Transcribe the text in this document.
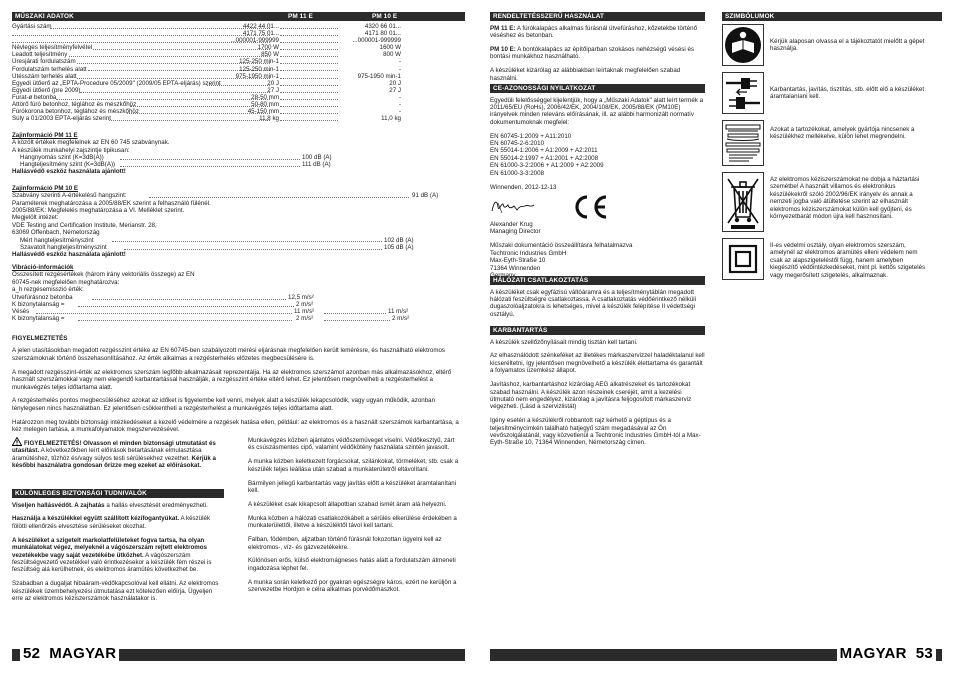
MŰSZAKI ADATOK	PM 11 E	PM 10 E
Gyártási szám	4422 44 01...	4320 66 01...
4171 75 01...	4171 80 01...
...000001-999999	...000001-999999
Névleges teljesítményfelvétel	1700 W	1600 W
Leadott teljesítmény	850 W	800 W
Üresjárati fordulatszám	125-250 min-1	-
Fordulatszám terhelés alatt	125-250 min-1	-
Ütésszám terhelés alatt	975-1950 min-1	975-1950 min-1
Egyedi ütőerő az „EPTA-Procedure 05/2009" (2009/05 EPTA-eljárás) szerint	20 J	20 J
Egyedi ütőerő (pre 2009)	27 J	27 J
Furat-ø betonba	28-50 mm	-
Áttörő fúró betonhoz, téglához és mészkőhöz	50-80 mm	-
Fúrókorona betonhoz, téglához és mészkőhöz	45-150 mm	-
Súly a 01/2003 EPTA-eljárás szerint	11,8 kg	11,0 kg
Zajinformáció PM 11 E
A közölt értékek megfelelnek az EN 60 745 szabványnak.
A készülék munkahelyi zajszintje tipikusan:
Hangnyomás szint (K=3dB(A))	100 dB (A)
Hangteljesítmény szint (K=3dB(A))	111 dB (A)
Hallásvédő eszköz használata ajánlott!
Zajinformáció PM 10 E
Szabvány szerinti A-értékelésű hangszint:	91 dB (A)
Paraméterek meghatározása a 2005/88/EK szerint a felhasználó fülénél.
2005/88/EK: Megfelelés meghatározása a VI. Melléklet szerint.
Megjelölt intézet:
VDE Testing and Certification Institute, Merianstr. 28,
63069 Offenbach, Németország
Mért hangteljesítményszint	102 dB (A)
Szavatolt hangteljesítményszint	105 dB (A)
Hallásvédő eszköz használata ajánlott!
Vibráció-információk
Összesített rezgésértékek (három irány vektoriális összege) az EN
60745-nek megfelelően meghatározva:
a_h rezgésemisszió érték:
Ütvefúrásnoz betonba	12,5 m/s²
K bizonytalanság =	2 m/s²
Vésés	11 m/s²	11 m/s²
K bizonytalanság =	2 m/s²	2 m/s²
FIGYELMEZTETÉS
A jelen utasításokban megadott rezgésszint értéke az EN 60745-ben szabályozott mérési eljárásnak megfelelően került lemérésre, és használható elektromos szerszámoknak történő összehasonlításához. Az érték alkalmas a rezgésterhelés előzetes megbecsülésére is.
A megadott rezgésszint-érték az elektromos szerszám legfőbb alkalmazásait reprezentálja. Ha az elektromos szerszámot azonban más alkalmazásokhoz, eltérő használt szerszámokkal vagy nem elegendő karbantartással használják, a rezgésszint értéke eltérő lehet. Ez jelentősen megnövelheti a rezgésterhelést a munkavégzés teljes időtartama alatt.
A rezgésterhelés pontos megbecsüléséhez azokat az időket is figyelembe kell venni, melyek alatt a készülék lekapcsolódik, vagy ugyan működik, azonban ténylegesen nincs használatban. Ez jelentősen csökkentheti a rezgésterhelést a munkavégzés teljes időtartama alatt.
Határozzon meg további biztonsági intézkedéseket a kezelő védelmére a rezgések hatása ellen, például: az elektromos és a használt szerszámok karbantartása, a kéz melegen tartása, a munkafolyamatok megszervezésével.
FIGYELMEZTETÉS! Olvasson el minden biztonsági utmutatást és utasítást. A következőkben leírt előírások betartásának elmulasztása áramütéshez, tűzhöz és/vagy súlyos testi sérülésekhez vezethet. Kérjük a későbbi használatra gondosan őrizze meg ezeket az előírásokat.
KÜLÖNLEGES BIZTONSÁGI TUDNIVALÓK
Viseljen hallásvédőt. A zajhatás a hallás elvesztését eredményezheti.
Használja a készülékkel együtt szállított kézifogantyúkat. A készülék fölötti ellenőrzés elvesztése sérüléseket okozhat.
A készüléket a szigetelt markolatfelületeket fogva tartsa, ha olyan munkálatokat végez, melyeknél a vágószerszám rejtett elektromos vezetékekbe vagy saját vezetékébe ütközhet. A vágószerszám feszültségvezető vezetékkel való érintkezésekor a készülék fém részei is feszültség alá kerülhetnek, és elektromos áramütés következhet be.
Szabadban a dugaljat hibaáram-védőkapcsolóval kell ellátni. Az elektromos készülékek üzembehelyezési útmutatása ezt kötelezően előírja. Ügyeljen erre az elektromos kéziszerszámok használatakor is.
Munkavégzés közben ajánlatos védőszemüveget viselni. Védőkesztyű, zárt és csúszásmentes cipő, valamint védőkötény használata szintén javasolt.
A munka közben keletkezett forgácsokat, szilánkokat, törmeléket, stb. csak a készülék teljes leállása után szabad a munkaterületről eltávolítani.
Bármilyen jellegű karbantartás vagy javítás előtt a készüléket áramtalanítani kell.
A készüléket csak kikapcsolt állapotban szabad ismét áram alá helyezni.
Munka közben a hálózati csatlakozókábelt a sérülés elkerülése érdekében a munkaterülettől, illetve a készüléktől távol kell tartani.
Falban, födémben, aljzatban történő fúrásnál fokozottan ügyelni kell az elektromos-, víz- és gázvezetékekre.
Különösen erős, külső elektromágneses hatás alatt a fordulatszám átmeneti ingadozása léphet fel.
A munka során keletkező por gyakran egészségre káros, ezért ne kerüljön a szervezetbe Hordjon e célra alkalmas porvédőmaszkot.
52 MAGYAR
RENDELTETÉSSZERŰ HASZNÁLAT
PM 11 E: A fúrókalapács alkalmas fúrásnál ütvefúráshoz, kőzetekbe történő véséshez és betonban.
PM 10 E: A bontókalapács az építőiparban szokásos nehézségű vésési és bontási munkákhoz használható.
A készüléket kizárólag az alábbiakban leírtaknak megfelelően szabad használni.
CE-AZONOSSÁGI NYILATKOZAT
Egyedüli felelősséggel kijelentjük, hogy a „Műszaki Adatok" alatt leírt termék a 2011/65/EU (RoHs), 2006/42/EK, 2004/108/EK, 2005/88/EK (PM10E) irányelvek minden releváns előírásának, ill. az alábbi harmonizált normatív dokumentumoknak megfelel:
EN 60745-1:2009 + A11:2010
EN 60745-2-6:2010
EN 55014-1:2006 + A1:2009 + A2:2011
EN 55014-2:1997 + A1:2001 + A2:2008
EN 61000-3-2:2006 + A1:2009 + A2:2009
EN 61000-3-3:2008
Winnenden, 2012-12-13
Alexander Krug
Managing Director
Műszaki dokumentáció összeállításra felhatalmazva
Techtronic Industries GmbH
Max-Eyth-Straße 10
71364 Winnenden
HÁLÓZATI CSATLAKOZTATÁS
A készüléket csak egyfázisú váltóáramra és a teljesítménytáblán megadott hálózati feszültségre csatlakoztassa. A csatlakoztatás védőérintkező nélküli dugaszolóaljzatokra is lehetséges, mivel a készülék felépítése II védettségi osztályú.
KARBANTARTÁS
A készülék szellőzőnyílásait mindig tisztán kell tartani.
Az elhasználódott szénkeféket az illetékes márkaszervizzel haladéktalanul kell kicseréltetni, így jelentősen megnövelhető a készülék élettartama és garantált a folyamatos üzemkész állapot.
Javításhoz, karbantartáshoz kizárólag AEG alkatrészeket és tartozékokat szabad használni. A készülék azon részeinek cseréjét, amit a kezelési útmutató nem engedélyez, kizárólag a javításra feljogosított márkaszerviz végezheti. (Lásd a szervizlistát)
Igény esetén a készülékről robbantott rajz kérhető a géptípus és a teljesítménycímkén található hatjegyű szám megadásával az Ön vevőszolgálatánál, vagy közvetlenül a Techtronic Industries GmbH-tól a Max-Eyth-Straße 10, 71364 Winnenden, Németország címen.
SZIMBÓLUMOK
Kérjük alaposan olvassa el a tájékoztatót mielőtt a gépet használja.
Karbantartás, javítás, tisztítás, stb. előtt elő a készüléket áramtalaníani kell.
Azokat a tartozékokat, amelyek gyártója nincsenek a készülékhez mellékelve, külön lehet megrendelni.
Az elektromos kéziszerszámokat ne dobja a háztartási szemétbe! A használt villamos és elektronikus készülékekről szóló 2002/96/EK irányelv és annak a nemzeti jogba való átültetése szerint az elhasznált elektromos kéziszerszámokat külön kell gyűjteni, és környezetbarát módon újra kell hasznosítani.
II-es védelmi osztály, olyan elektromos szerszám, amelynél az elektromos áramütés elleni védelem nem csak az alapszigeteléstől függ, hanem amelyben kiegészítő védőintézkedéseket, mint pl. kettős szigetelés vagy megerősített szigetelés, alkalmaznak.
MAGYAR 53
